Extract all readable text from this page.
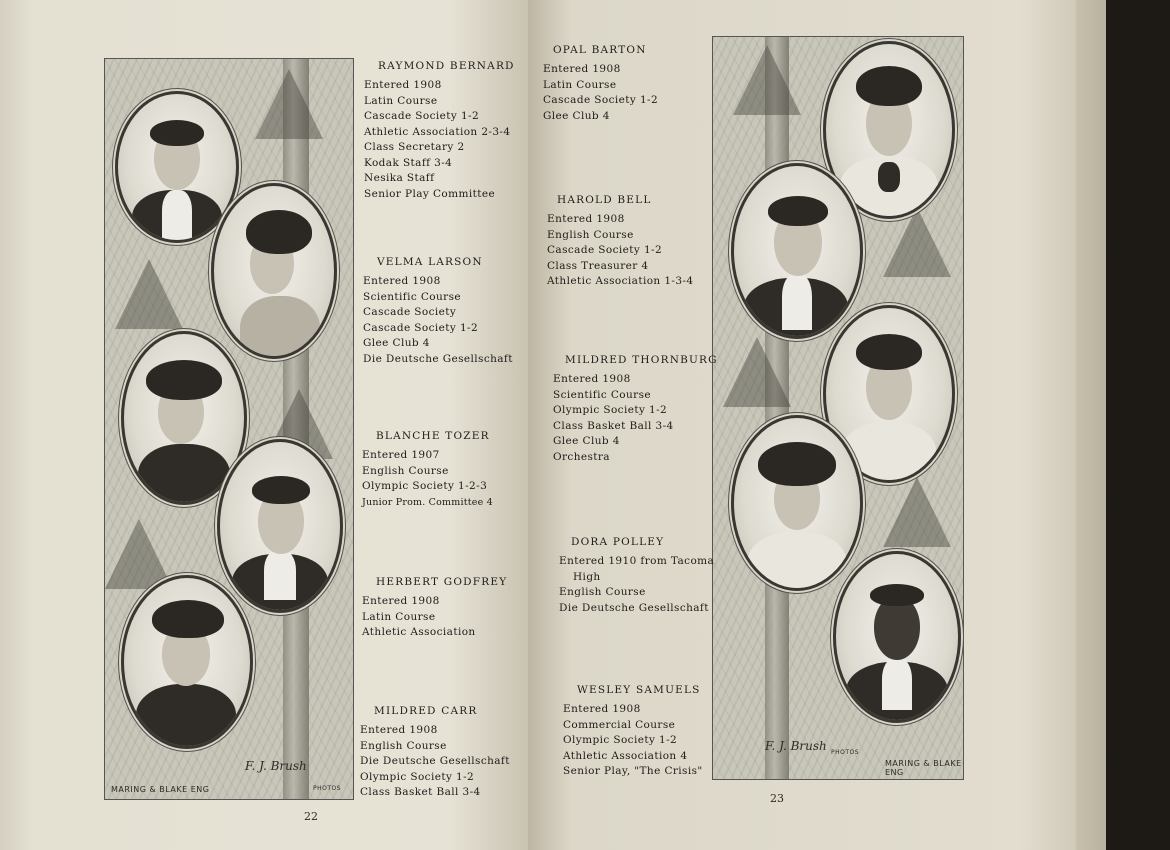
MARING & BLAKE ENG
F. J. Brush
PHOTOS
F. J. Brush PHOTOS
MARING & BLAKE ENG
RAYMOND BERNARD
Entered 1908
Latin Course
Cascade Society 1-2
Athletic Association 2-3-4
Class Secretary 2
Kodak Staff 3-4
Nesika Staff
Senior Play Committee
VELMA LARSON
Entered 1908
Scientific Course
Cascade Society
Cascade Society 1-2
Glee Club 4
Die Deutsche Gesellschaft
BLANCHE TOZER
Entered 1907
English Course
Olympic Society 1-2-3
Junior Prom. Committee 4
HERBERT GODFREY
Entered 1908
Latin Course
Athletic Association
MILDRED CARR
Entered 1908
English Course
Die Deutsche Gesellschaft
Olympic Society 1-2
Class Basket Ball 3-4
22
OPAL BARTON
Entered 1908
Latin Course
Cascade Society 1-2
Glee Club 4
HAROLD BELL
Entered 1908
English Course
Cascade Society 1-2
Class Treasurer 4
Athletic Association 1-3-4
MILDRED THORNBURG
Entered 1908
Scientific Course
Olympic Society 1-2
Class Basket Ball 3-4
Glee Club 4
Orchestra
DORA POLLEY
Entered 1910 from Tacoma
High
English Course
Die Deutsche Gesellschaft
WESLEY SAMUELS
Entered 1908
Commercial Course
Olympic Society 1-2
Athletic Association 4
Senior Play, "The Crisis"
23
